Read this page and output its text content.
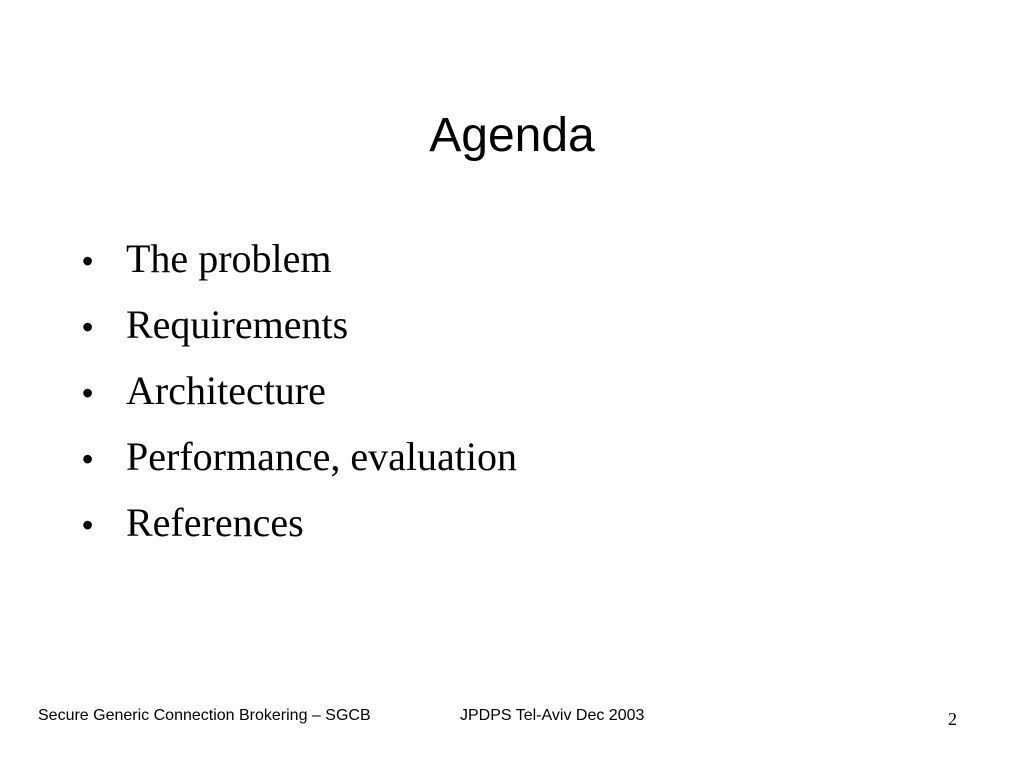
Agenda
• The problem
• Requirements
• Architecture
• Performance, evaluation
• References
Secure Generic Connection Brokering – SGCB	JPDPS Tel-Aviv Dec 2003	2
